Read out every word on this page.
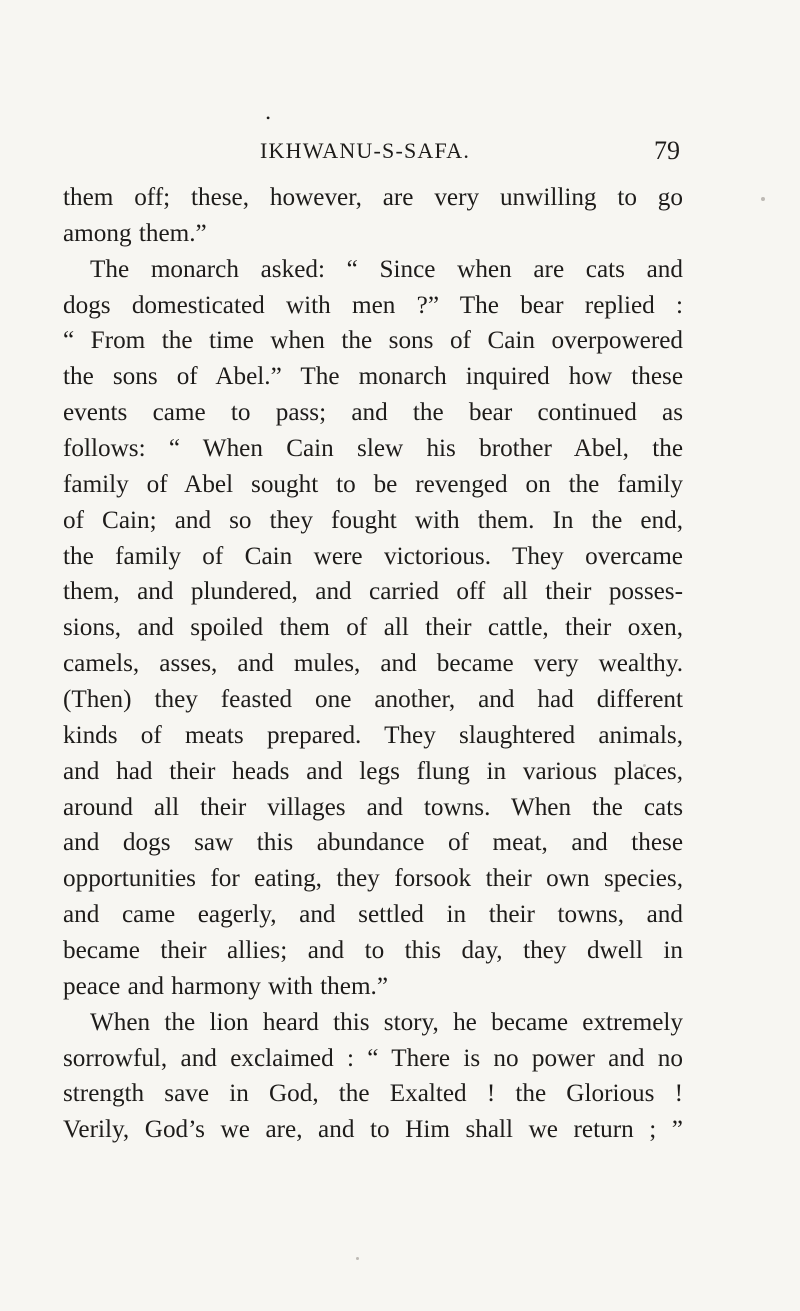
•
IKHWANU-S-SAFA.	79
them off; these, however, are very unwilling to go
among them.”
The monarch asked: “ Since when are cats and
dogs domesticated with men ?” The bear replied :
“ From the time when the sons of Cain overpowered
the sons of Abel.” The monarch inquired how these
events came to pass; and the bear continued as
follows: “ When Cain slew his brother Abel, the
family of Abel sought to be revenged on the family
of Cain; and so they fought with them. In the end,
the family of Cain were victorious. They overcame
them, and plundered, and carried off all their posses-
sions, and spoiled them of all their cattle, their oxen,
camels, asses, and mules, and became very wealthy.
(Then) they feasted one another, and had different
kinds of meats prepared. They slaughtered animals,
and had their heads and legs flung in various places,
around all their villages and towns. When the cats
and dogs saw this abundance of meat, and these
opportunities for eating, they forsook their own species,
and came eagerly, and settled in their towns, and
became their allies; and to this day, they dwell in
peace and harmony with them.”
When the lion heard this story, he became extremely
sorrowful, and exclaimed : “ There is no power and no
strength save in God, the Exalted ! the Glorious !
Verily, God’s we are, and to Him shall we return ; ”
